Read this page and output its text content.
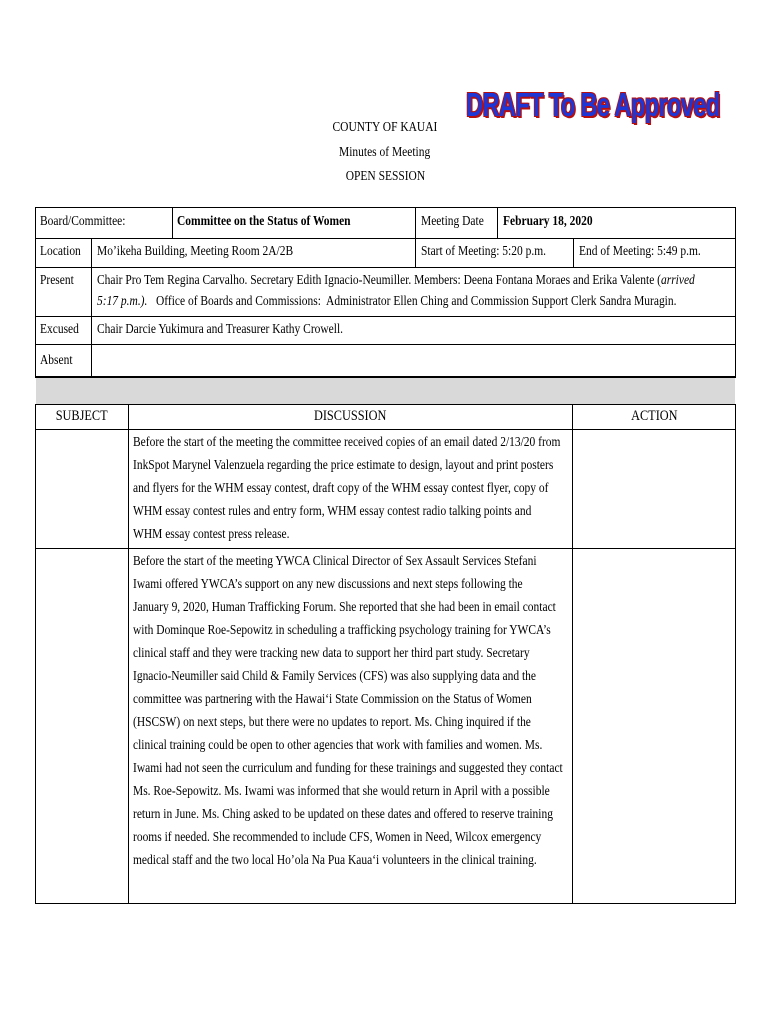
DRAFT To Be Approved
COUNTY OF KAUAI
Minutes of Meeting
OPEN SESSION
Board/Committee:	Committee on the Status of Women	Meeting Date	February 18, 2020
Location	Mo’ikeha Building, Meeting Room 2A/2B	Start of Meeting: 5:20 p.m.	End of Meeting: 5:49 p.m.
Present	Chair Pro Tem Regina Carvalho. Secretary Edith Ignacio-Neumiller. Members: Deena Fontana Moraes and Erika Valente (arrived
5:17 p.m.).   Office of Boards and Commissions:  Administrator Ellen Ching and Commission Support Clerk Sandra Muragin.
Excused	Chair Darcie Yukimura and Treasurer Kathy Crowell.
Absent
SUBJECT	DISCUSSION	ACTION
Before the start of the meeting the committee received copies of an email dated 2/13/20 from
InkSpot Marynel Valenzuela regarding the price estimate to design, layout and print posters
and flyers for the WHM essay contest, draft copy of the WHM essay contest flyer, copy of
WHM essay contest rules and entry form, WHM essay contest radio talking points and
WHM essay contest press release.
Before the start of the meeting YWCA Clinical Director of Sex Assault Services Stefani
Iwami offered YWCA’s support on any new discussions and next steps following the
January 9, 2020, Human Trafficking Forum. She reported that she had been in email contact
with Dominque Roe-Sepowitz in scheduling a trafficking psychology training for YWCA’s
clinical staff and they were tracking new data to support her third part study. Secretary
Ignacio-Neumiller said Child & Family Services (CFS) was also supplying data and the
committee was partnering with the Hawai‘i State Commission on the Status of Women
(HSCSW) on next steps, but there were no updates to report. Ms. Ching inquired if the
clinical training could be open to other agencies that work with families and women. Ms.
Iwami had not seen the curriculum and funding for these trainings and suggested they contact
Ms. Roe-Sepowitz. Ms. Iwami was informed that she would return in April with a possible
return in June. Ms. Ching asked to be updated on these dates and offered to reserve training
rooms if needed. She recommended to include CFS, Women in Need, Wilcox emergency
medical staff and the two local Ho’ola Na Pua Kaua‘i volunteers in the clinical training.
